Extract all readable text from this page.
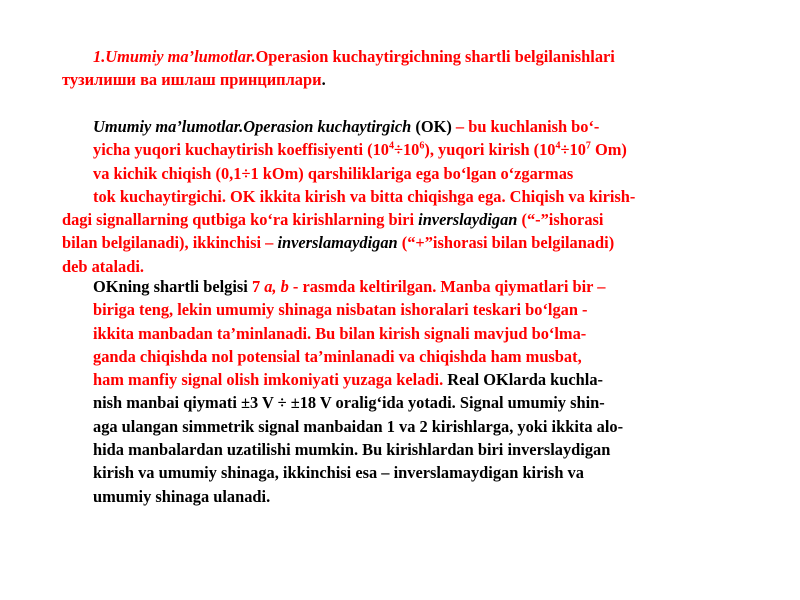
1.Umumiy ma’lumotlar.Operasion kuchaytirgichning shartli belgilanishlari
тузилиши ва ишлаш принциплари.
Umumiy ma’lumotlar.Operasion kuchaytirgich (OK) – bu kuchlanish bo‘-
yicha yuqori kuchaytirish koeffisiyenti $(10^4\div 10^6)$, yuqori kirish ($10^4\div 10^7$ Om)
va kichik chiqish (0,1÷1 kOm) qarshiliklariga ega bo‘lgan o‘zgarmas
tok kuchaytirgichi. OK ikkita kirish va bitta chiqishga ega. Chiqish va kirish-
dagi signallarning qutbiga ko‘ra kirishlarning biri inverslaydigan (“-”ishorasi
bilan belgilanadi), ikkinchisi – inverslamaydigan (“+”ishorasi bilan belgilanadi)
deb ataladi.
OKning shartli belgisi 7 a, b - rasmda keltirilgan. Manba qiymatlari bir –
biriga teng, lekin umumiy shinaga nisbatan ishoralari teskari bo‘lgan -
ikkita manbadan ta’minlanadi. Bu bilan kirish signali mavjud bo‘lma-
ganda chiqishda nol potensial ta’minlanadi va chiqishda ham musbat,
ham manfiy signal olish imkoniyati yuzaga keladi. Real OKlarda kuchla-
nish manbai qiymati ±3 V ÷ ±18 V oralig‘ida yotadi. Signal umumiy shin-
aga ulangan simmetrik signal manbaidan 1 va 2 kirishlarga, yoki ikkita alo-
hida manbalardan uzatilishi mumkin. Bu kirishlardan biri inverslaydigan
kirish va umumiy shinaga, ikkinchisi esa – inverslamaydigan kirish va
umumiy shinaga ulanadi.
